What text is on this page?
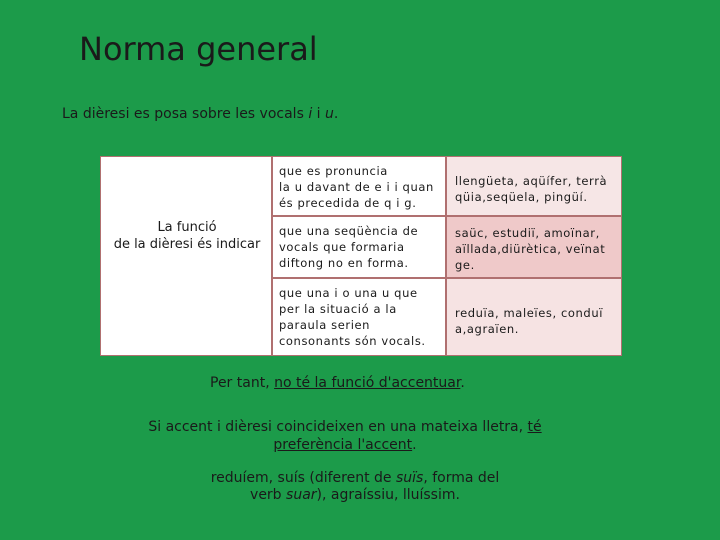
Norma general
La dièresi es posa sobre les vocals i i u.
La funció
de la dièresi és indicar
que es pronuncia
la u davant de e i i quan
és precedida de q i g.
llengüeta, aqüífer, terrà
qüia,seqüela, pingüí.
que una seqüència de
vocals que formaria
diftong no en forma.
saüc, estudiï, amoïnar,
aïllada,diürètica, veïnat
ge.
que una i o una u que
per la situació a la
paraula serien
consonants són vocals.
reduïa, maleïes, conduï
a,agraïen.
Per tant, no té la funció d'accentuar.
Si accent i dièresi coincideixen en una mateixa lletra, té preferència l'accent.
reduíem, suís (diferent de suïs, forma del verb suar), agraíssiu, lluíssim.
